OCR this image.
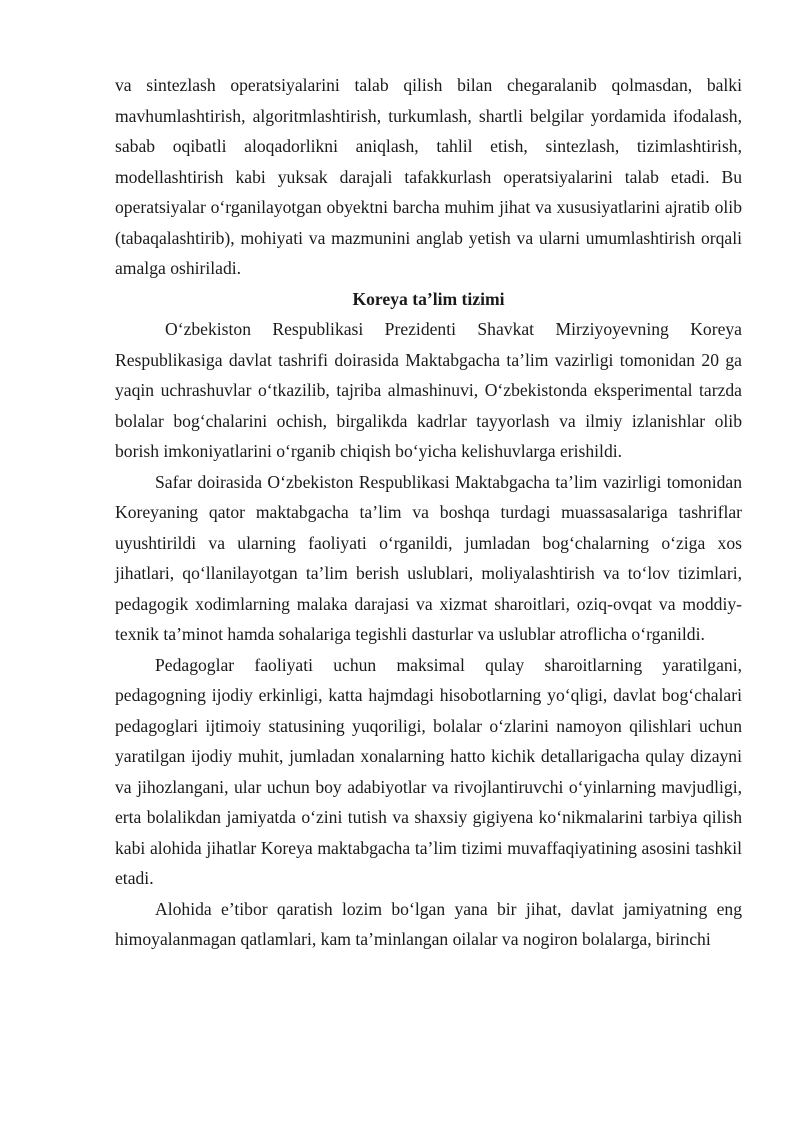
va sintezlash operatsiyalarini talab qilish bilan chegaralanib qolmasdan, balki mavhumlashtirish, algoritmlashtirish, turkumlash, shartli belgilar yordamida ifodalash, sabab oqibatli aloqadorlikni aniqlash, tahlil etish, sintezlash, tizimlashtirish, modellashtirish kabi yuksak darajali tafakkurlash operatsiyalarini talab etadi. Bu operatsiyalar o‘rganilayotgan obyektni barcha muhim jihat va xususiyatlarini ajratib olib (tabaqalashtirib), mohiyati va mazmunini anglab yetish va ularni umumlashtirish orqali amalga oshiriladi.

Koreya ta’lim tizimi

O‘zbekiston Respublikasi Prezidenti Shavkat Mirziyoyevning Koreya Respublikasiga davlat tashrifi doirasida Maktabgacha ta’lim vazirligi tomonidan 20 ga yaqin uchrashuvlar o‘tkazilib, tajriba almashinuvi, O‘zbekistonda eksperimental tarzda bolalar bog‘chalarini ochish, birgalikda kadrlar tayyorlash va ilmiy izlanishlar olib borish imkoniyatlarini o‘rganib chiqish bo‘yicha kelishuvlarga erishildi.

Safar doirasida O‘zbekiston Respublikasi Maktabgacha ta’lim vazirligi tomonidan Koreyaning qator maktabgacha ta’lim va boshqa turdagi muassasalariga tashriflar uyushtirildi va ularning faoliyati o‘rganildi, jumladan bog‘chalarning o‘ziga xos jihatlari, qo‘llanilayotgan ta’lim berish uslublari, moliyalashtirish va to‘lov tizimlari, pedagogik xodimlarning malaka darajasi va xizmat sharoitlari, oziq-ovqat va moddiy-texnik ta’minot hamda sohalariga tegishli dasturlar va uslublar atroflicha o‘rganildi.

Pedagoglar faoliyati uchun maksimal qulay sharoitlarning yaratilgani, pedagogning ijodiy erkinligi, katta hajmdagi hisobotlarning yo‘qligi, davlat bog‘chalari pedagoglari ijtimoiy statusining yuqoriligi, bolalar o‘zlarini namoyon qilishlari uchun yaratilgan ijodiy muhit, jumladan xonalarning hatto kichik detallarigacha qulay dizayni va jihozlangani, ular uchun boy adabiyotlar va rivojlantiruvchi o‘yinlarning mavjudligi, erta bolalikdan jamiyatda o‘zini tutish va shaxsiy gigiyena ko‘nikmalarini tarbiya qilish kabi alohida jihatlar Koreya maktabgacha ta’lim tizimi muvaffaqiyatining asosini tashkil etadi.

Alohida e’tibor qaratish lozim bo‘lgan yana bir jihat, davlat jamiyatning eng himoyalanmagan qatlamlari, kam ta’minlangan oilalar va nogiron bolalarga, birinchi
